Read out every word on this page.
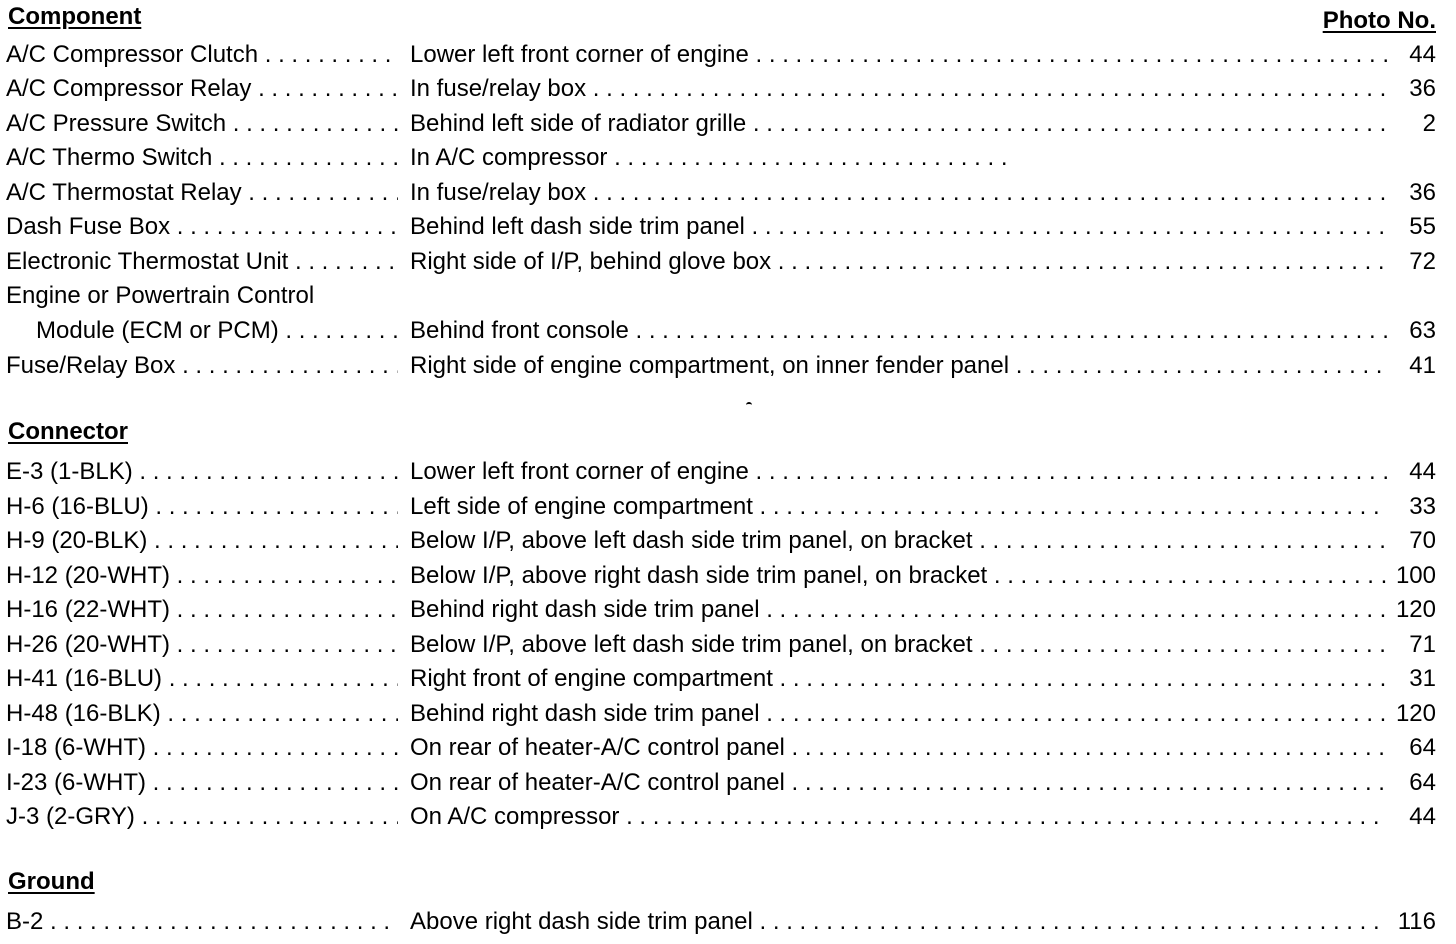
Component	Photo No.
A/C Compressor Clutch . . .	Lower left front corner of engine . . .	44
A/C Compressor Relay . . .	In fuse/relay box . . .	36
A/C Pressure Switch . . .	Behind left side of radiator grille . . .	2
A/C Thermo Switch . . .	In A/C compressor . . .
A/C Thermostat Relay . . .	In fuse/relay box . . .	36
Dash Fuse Box . . .	Behind left dash side trim panel . . .	55
Electronic Thermostat Unit . . .	Right side of I/P, behind glove box . . .	72
Engine or Powertrain Control
Module (ECM or PCM) . . .	Behind front console . . .	63
Fuse/Relay Box . . .	Right side of engine compartment, on inner fender panel . . .	41
Connector
E-3 (1-BLK) . . .	Lower left front corner of engine . . .	44
H-6 (16-BLU) . . .	Left side of engine compartment . . .	33
H-9 (20-BLK) . . .	Below I/P, above left dash side trim panel, on bracket . . .	70
H-12 (20-WHT) . . .	Below I/P, above right dash side trim panel, on bracket . . .	100
H-16 (22-WHT) . . .	Behind right dash side trim panel . . .	120
H-26 (20-WHT) . . .	Below I/P, above left dash side trim panel, on bracket . . .	71
H-41 (16-BLU) . . .	Right front of engine compartment . . .	31
H-48 (16-BLK) . . .	Behind right dash side trim panel . . .	120
I-18 (6-WHT) . . .	On rear of heater-A/C control panel . . .	64
I-23 (6-WHT) . . .	On rear of heater-A/C control panel . . .	64
J-3 (2-GRY) . . .	On A/C compressor . . .	44
Ground
B-2 . . .	Above right dash side trim panel . . .	116
